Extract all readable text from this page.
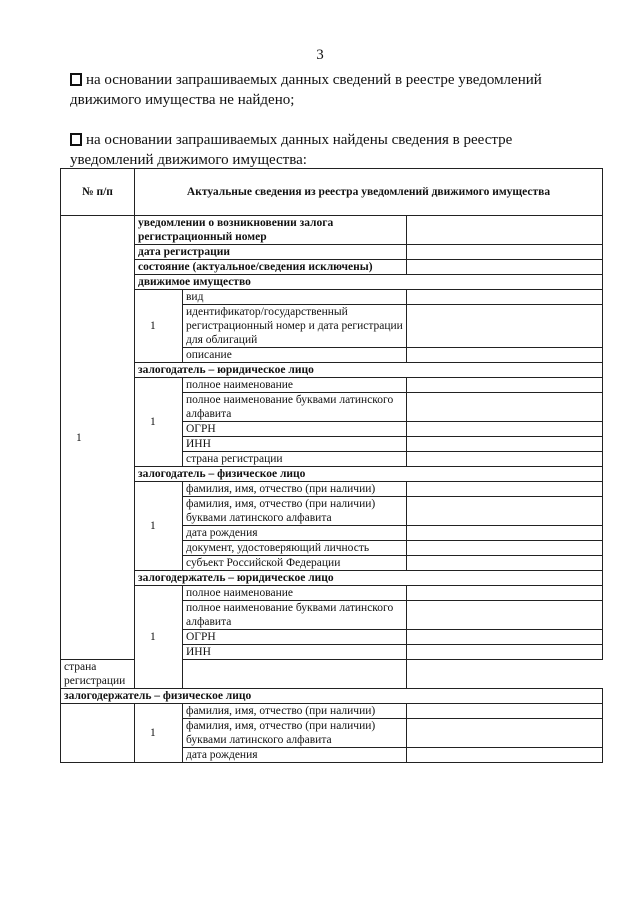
3
на основании запрашиваемых данных сведений в реестре уведомлений движимого имущества не найдено;
на основании запрашиваемых данных найдены сведения в реестре уведомлений движимого имущества:
№ п/п	Актуальные сведения из реестра уведомлений движимого имущества		
1	уведомлении о возникновении залога регистрационный номер		
	дата регистрации		
	состояние (актуальное/сведения исключены)		
	движимое имущество		
	1	вид	
		идентификатор/государственный регистрационный номер и дата регистрации для облигаций	
		описание	
	залогодатель – юридическое лицо		
	1	полное наименование	
		полное наименование буквами латинского алфавита	
		ОГРН	
		ИНН	
		страна регистрации	
	залогодатель – физическое лицо		
	1	фамилия, имя, отчество (при наличии)	
		фамилия, имя, отчество (при наличии) буквами латинского алфавита	
		дата рождения	
		документ, удостоверяющий личность	
		субъект Российской Федерации	
	залогодержатель – юридическое лицо		
	1	полное наименование	
		полное наименование буквами латинского алфавита	
		ОГРН	
		ИНН	
страна регистрации			
залогодержатель – физическое лицо			
	1	фамилия, имя, отчество (при наличии)	
		фамилия, имя, отчество (при наличии) буквами латинского алфавита	
		дата рождения	
